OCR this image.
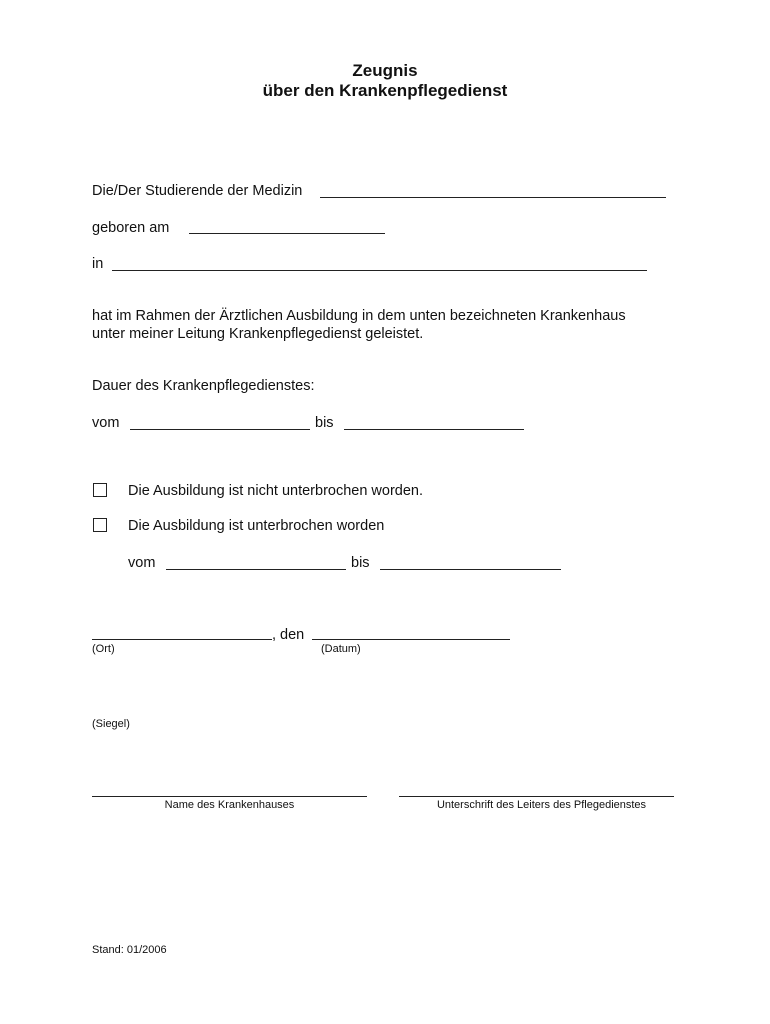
Zeugnis
über den Krankenpflegedienst
Die/Der Studierende der Medizin
geboren am
in
hat im Rahmen der Ärztlichen Ausbildung in dem unten bezeichneten Krankenhaus
unter meiner Leitung Krankenpflegedienst geleistet.
Dauer des Krankenpflegedienstes:
vom	bis
Die Ausbildung ist nicht unterbrochen worden.
Die Ausbildung ist unterbrochen worden
vom	bis
, den
(Ort)	(Datum)
(Siegel)
Name des Krankenhauses	Unterschrift des Leiters des Pflegedienstes
Stand: 01/2006
